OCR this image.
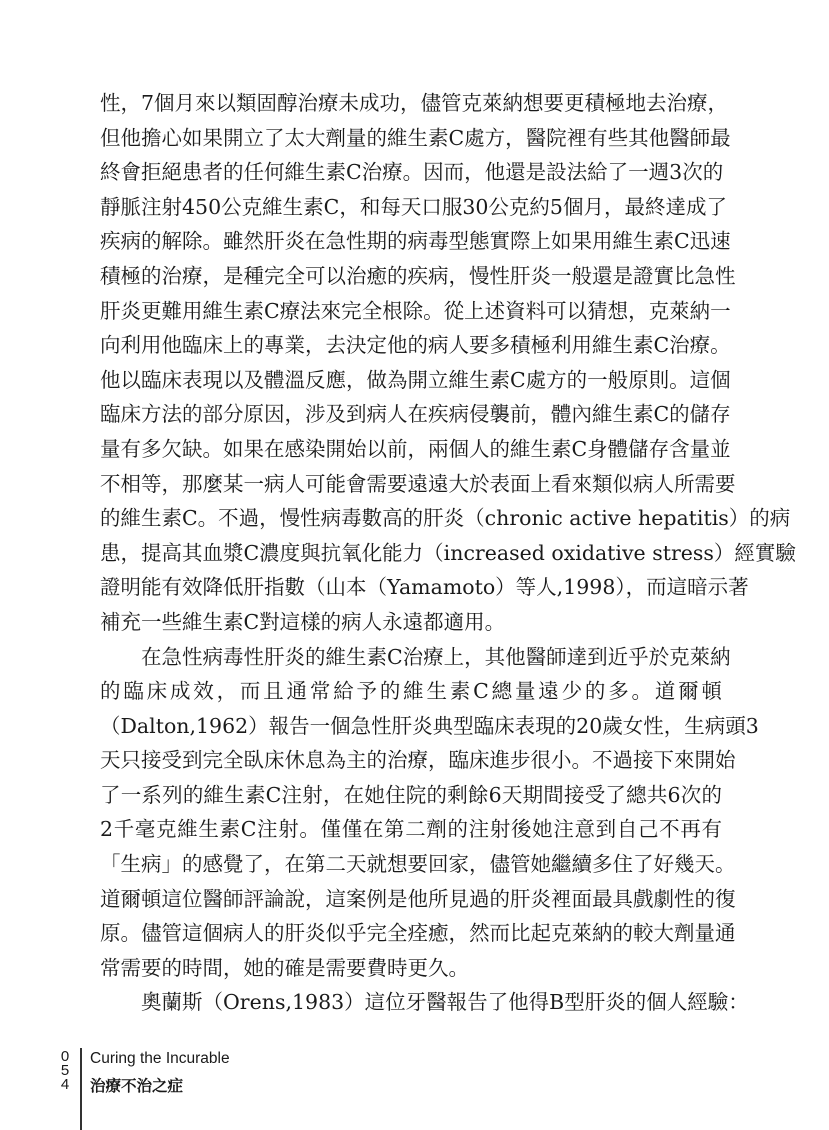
性，7個月來以類固醇治療未成功，儘管克萊納想要更積極地去治療，
但他擔心如果開立了太大劑量的維生素C處方，醫院裡有些其他醫師最
終會拒絕患者的任何維生素C治療。因而，他還是設法給了一週3次的
靜脈注射450公克維生素C，和每天口服30公克約5個月，最終達成了
疾病的解除。雖然肝炎在急性期的病毒型態實際上如果用維生素C迅速
積極的治療，是種完全可以治癒的疾病，慢性肝炎一般還是證實比急性
肝炎更難用維生素C療法來完全根除。從上述資料可以猜想，克萊納一
向利用他臨床上的專業，去決定他的病人要多積極利用維生素C治療。
他以臨床表現以及體溫反應，做為開立維生素C處方的一般原則。這個
臨床方法的部分原因，涉及到病人在疾病侵襲前，體內維生素C的儲存
量有多欠缺。如果在感染開始以前，兩個人的維生素C身體儲存含量並
不相等，那麼某一病人可能會需要遠遠大於表面上看來類似病人所需要
的維生素C。不過，慢性病毒數高的肝炎（chronic active hepatitis）的病
患，提高其血漿C濃度與抗氧化能力（increased oxidative stress）經實驗
證明能有效降低肝指數（山本（Yamamoto）等人,1998），而這暗示著
補充一些維生素C對這樣的病人永遠都適用。
在急性病毒性肝炎的維生素C治療上，其他醫師達到近乎於克萊納
的臨床成效，而且通常給予的維生素C總量遠少的多。道爾頓
（Dalton,1962）報告一個急性肝炎典型臨床表現的20歲女性，生病頭3
天只接受到完全臥床休息為主的治療，臨床進步很小。不過接下來開始
了一系列的維生素C注射，在她住院的剩餘6天期間接受了總共6次的
2千毫克維生素C注射。僅僅在第二劑的注射後她注意到自己不再有
「生病」的感覺了，在第二天就想要回家，儘管她繼續多住了好幾天。
道爾頓這位醫師評論說，這案例是他所見過的肝炎裡面最具戲劇性的復
原。儘管這個病人的肝炎似乎完全痊癒，然而比起克萊納的較大劑量通
常需要的時間，她的確是需要費時更久。
奧蘭斯（Orens,1983）這位牙醫報告了他得B型肝炎的個人經驗：
0
5
4
Curing the Incurable
治療不治之症
